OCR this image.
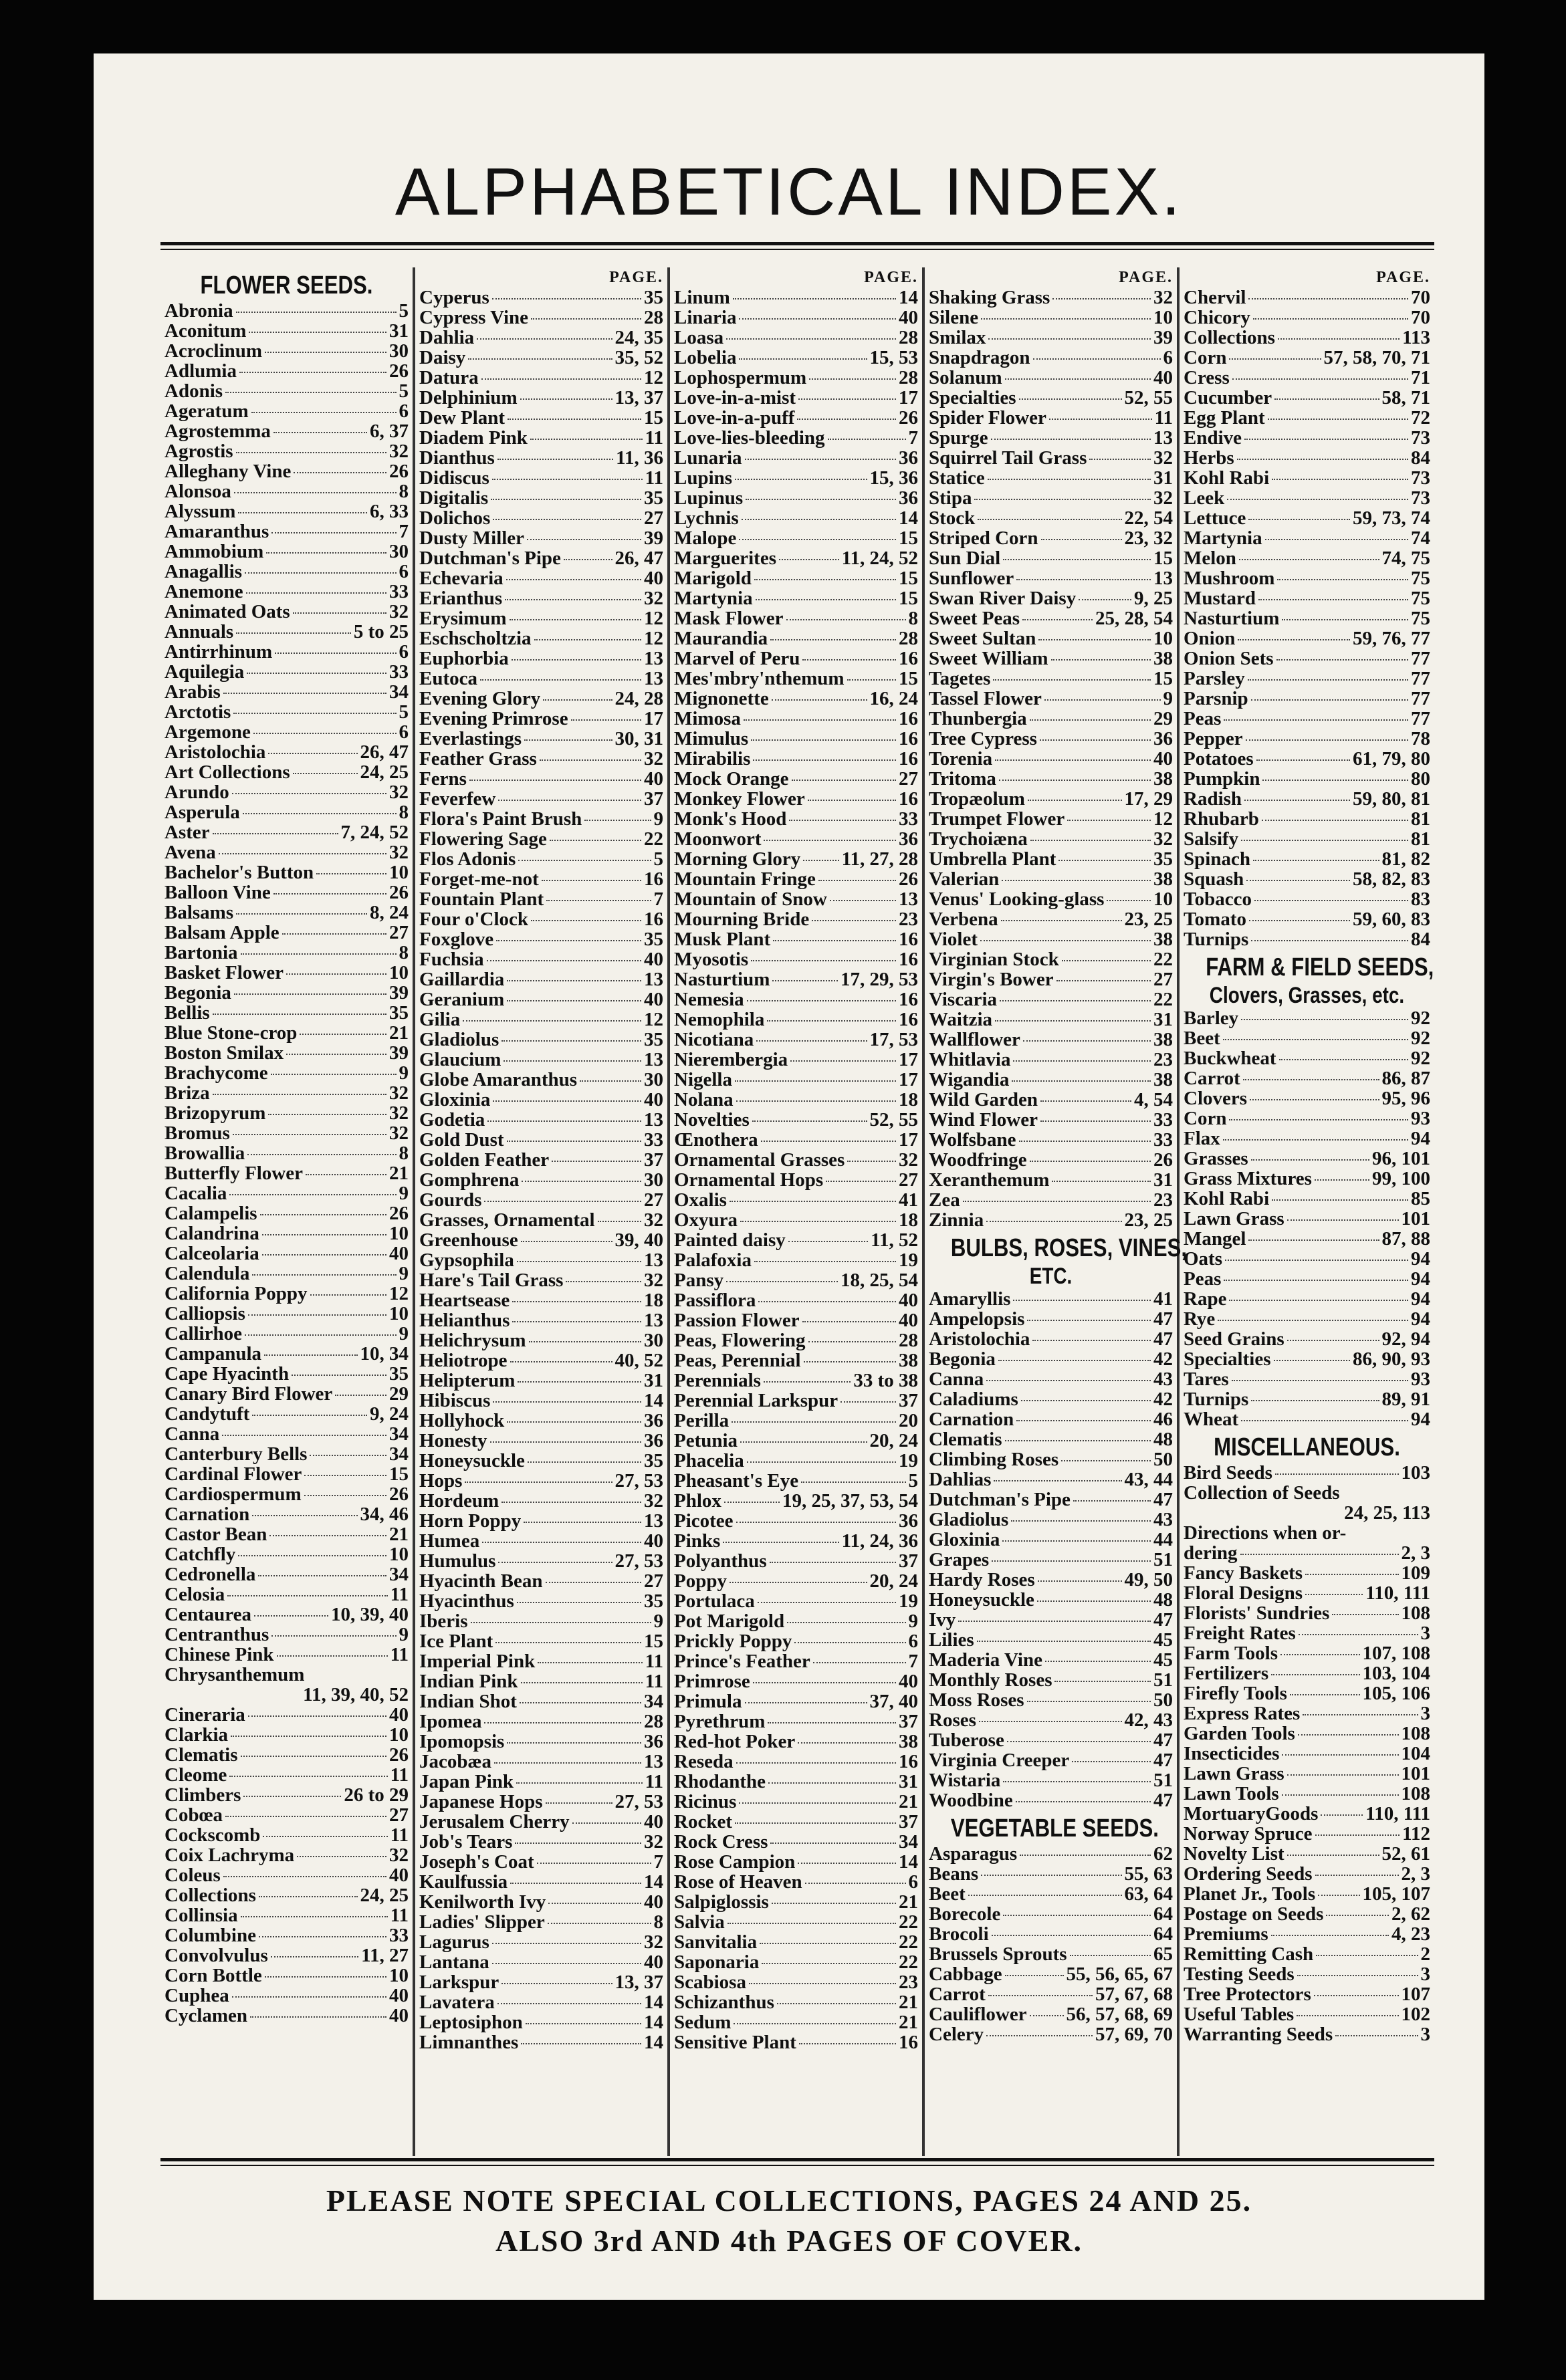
ALPHABETICAL INDEX.
FLOWER SEEDS.
Abronia	5
Aconitum	31
Acroclinum	30
Adlumia	26
Adonis	5
Ageratum	6
Agrostemma	6, 37
Agrostis	32
Alleghany Vine	26
Alonsoa	8
Alyssum	6, 33
Amaranthus	7
Ammobium	30
Anagallis	6
Anemone	33
Animated Oats	32
Annuals	5 to 25
Antirrhinum	6
Aquilegia	33
Arabis	34
Arctotis	5
Argemone	6
Aristolochia	26, 47
Art Collections	24, 25
Arundo	32
Asperula	8
Aster	7, 24, 52
Avena	32
Bachelor's Button	10
Balloon Vine	26
Balsams	8, 24
Balsam Apple	27
Bartonia	8
Basket Flower	10
Begonia	39
Bellis	35
Blue Stone-crop	21
Boston Smilax	39
Brachycome	9
Briza	32
Brizopyrum	32
Bromus	32
Browallia	8
Butterfly Flower	21
Cacalia	9
Calampelis	26
Calandrina	10
Calceolaria	40
Calendula	9
California Poppy	12
Calliopsis	10
Callirhoe	9
Campanula	10, 34
Cape Hyacinth	35
Canary Bird Flower	29
Candytuft	9, 24
Canna	34
Canterbury Bells	34
Cardinal Flower	15
Cardiospermum	26
Carnation	34, 46
Castor Bean	21
Catchfly	10
Cedronella	34
Celosia	11
Centaurea	10, 39, 40
Centranthus	9
Chinese Pink	11
Chrysanthemum
11, 39, 40, 52
Cineraria	40
Clarkia	10
Clematis	26
Cleome	11
Climbers	26 to 29
Cobœa	27
Cockscomb	11
Coix Lachryma	32
Coleus	40
Collections	24, 25
Collinsia	11
Columbine	33
Convolvulus	11, 27
Corn Bottle	10
Cuphea	40
Cyclamen	40
PAGE.
Cyperus	35
Cypress Vine	28
Dahlia	24, 35
Daisy	35, 52
Datura	12
Delphinium	13, 37
Dew Plant	15
Diadem Pink	11
Dianthus	11, 36
Didiscus	11
Digitalis	35
Dolichos	27
Dusty Miller	39
Dutchman's Pipe	26, 47
Echevaria	40
Erianthus	32
Erysimum	12
Eschscholtzia	12
Euphorbia	13
Eutoca	13
Evening Glory	24, 28
Evening Primrose	17
Everlastings	30, 31
Feather Grass	32
Ferns	40
Feverfew	37
Flora's Paint Brush	9
Flowering Sage	22
Flos Adonis	5
Forget-me-not	16
Fountain Plant	7
Four o'Clock	16
Foxglove	35
Fuchsia	40
Gaillardia	13
Geranium	40
Gilia	12
Gladiolus	35
Glaucium	13
Globe Amaranthus	30
Gloxinia	40
Godetia	13
Gold Dust	33
Golden Feather	37
Gomphrena	30
Gourds	27
Grasses, Ornamental	32
Greenhouse	39, 40
Gypsophila	13
Hare's Tail Grass	32
Heartsease	18
Helianthus	13
Helichrysum	30
Heliotrope	40, 52
Helipterum	31
Hibiscus	14
Hollyhock	36
Honesty	36
Honeysuckle	35
Hops	27, 53
Hordeum	32
Horn Poppy	13
Humea	40
Humulus	27, 53
Hyacinth Bean	27
Hyacinthus	35
Iberis	9
Ice Plant	15
Imperial Pink	11
Indian Pink	11
Indian Shot	34
Ipomea	28
Ipomopsis	36
Jacobæa	13
Japan Pink	11
Japanese Hops	27, 53
Jerusalem Cherry	40
Job's Tears	32
Joseph's Coat	7
Kaulfussia	14
Kenilworth Ivy	40
Ladies' Slipper	8
Lagurus	32
Lantana	40
Larkspur	13, 37
Lavatera	14
Leptosiphon	14
Limnanthes	14
PAGE.
Linum	14
Linaria	40
Loasa	28
Lobelia	15, 53
Lophospermum	28
Love-in-a-mist	17
Love-in-a-puff	26
Love-lies-bleeding	7
Lunaria	36
Lupins	15, 36
Lupinus	36
Lychnis	14
Malope	15
Marguerites	11, 24, 52
Marigold	15
Martynia	15
Mask Flower	8
Maurandia	28
Marvel of Peru	16
Mes'mbry'nthemum	15
Mignonette	16, 24
Mimosa	16
Mimulus	16
Mirabilis	16
Mock Orange	27
Monkey Flower	16
Monk's Hood	33
Moonwort	36
Morning Glory 11, 27, 28
Mountain Fringe	26
Mountain of Snow	13
Mourning Bride	23
Musk Plant	16
Myosotis	16
Nasturtium	17, 29, 53
Nemesia	16
Nemophila	16
Nicotiana	17, 53
Nierembergia	17
Nigella	17
Nolana	18
Novelties	52, 55
Œnothera	17
Ornamental Grasses	32
Ornamental Hops	27
Oxalis	41
Oxyura	18
Painted daisy	11, 52
Palafoxia	19
Pansy	18, 25, 54
Passiflora	40
Passion Flower	40
Peas, Flowering	28
Peas, Perennial	38
Perennials	33 to 38
Perennial Larkspur	37
Perilla	20
Petunia	20, 24
Phacelia	19
Pheasant's Eye	5
Phlox	19, 25, 37, 53, 54
Picotee	36
Pinks	11, 24, 36
Polyanthus	37
Poppy	20, 24
Portulaca	19
Pot Marigold	9
Prickly Poppy	6
Prince's Feather	7
Primrose	40
Primula	37, 40
Pyrethrum	37
Red-hot Poker	38
Reseda	16
Rhodanthe	31
Ricinus	21
Rocket	37
Rock Cress	34
Rose Campion	14
Rose of Heaven	6
Salpiglossis	21
Salvia	22
Sanvitalia	22
Saponaria	22
Scabiosa	23
Schizanthus	21
Sedum	21
Sensitive Plant	16
PAGE.
Shaking Grass	32
Silene	10
Smilax	39
Snapdragon	6
Solanum	40
Specialties	52, 55
Spider Flower	11
Spurge	13
Squirrel Tail Grass	32
Statice	31
Stipa	32
Stock	22, 54
Striped Corn	23, 32
Sun Dial	15
Sunflower	13
Swan River Daisy	9, 25
Sweet Peas	25, 28, 54
Sweet Sultan	10
Sweet William	38
Tagetes	15
Tassel Flower	9
Thunbergia	29
Tree Cypress	36
Torenia	40
Tritoma	38
Tropæolum	17, 29
Trumpet Flower	12
Trychoiæna	32
Umbrella Plant	35
Valerian	38
Venus' Looking-glass	10
Verbena	23, 25
Violet	38
Virginian Stock	22
Virgin's Bower	27
Viscaria	22
Waitzia	31
Wallflower	38
Whitlavia	23
Wigandia	38
Wild Garden	4, 54
Wind Flower	33
Wolfsbane	33
Woodfringe	26
Xeranthemum	31
Zea	23
Zinnia	23, 25
BULBS, ROSES, VINES,
ETC.
Amaryllis	41
Ampelopsis	47
Aristolochia	47
Begonia	42
Canna	43
Caladiums	42
Carnation	46
Clematis	48
Climbing Roses	50
Dahlias	43, 44
Dutchman's Pipe	47
Gladiolus	43
Gloxinia	44
Grapes	51
Hardy Roses	49, 50
Honeysuckle	48
Ivy	47
Lilies	45
Maderia Vine	45
Monthly Roses	51
Moss Roses	50
Roses	42, 43
Tuberose	47
Virginia Creeper	47
Wistaria	51
Woodbine	47
VEGETABLE SEEDS.
Asparagus	62
Beans	55, 63
Beet	63, 64
Borecole	64
Brocoli	64
Brussels Sprouts	65
Cabbage	55, 56, 65, 67
Carrot	57, 67, 68
Cauliflower 56, 57, 68, 69
Celery	57, 69, 70
PAGE.
Chervil	70
Chicory	70
Collections	113
Corn	57, 58, 70, 71
Cress	71
Cucumber	58, 71
Egg Plant	72
Endive	73
Herbs	84
Kohl Rabi	73
Leek	73
Lettuce	59, 73, 74
Martynia	74
Melon	74, 75
Mushroom	75
Mustard	75
Nasturtium	75
Onion	59, 76, 77
Onion Sets	77
Parsley	77
Parsnip	77
Peas	77
Pepper	78
Potatoes	61, 79, 80
Pumpkin	80
Radish	59, 80, 81
Rhubarb	81
Salsify	81
Spinach	81, 82
Squash	58, 82, 83
Tobacco	83
Tomato	59, 60, 83
Turnips	84
FARM & FIELD SEEDS,
Clovers, Grasses, etc.
Barley	92
Beet	92
Buckwheat	92
Carrot	86, 87
Clovers	95, 96
Corn	93
Flax	94
Grasses	96, 101
Grass Mixtures	99, 100
Kohl Rabi	85
Lawn Grass	101
Mangel	87, 88
Oats	94
Peas	94
Rape	94
Rye	94
Seed Grains	92, 94
Specialties	86, 90, 93
Tares	93
Turnips	89, 91
Wheat	94
MISCELLANEOUS.
Bird Seeds	103
Collection of Seeds
24, 25, 113
Directions when or-
dering	2, 3
Fancy Baskets	109
Floral Designs	110, 111
Florists' Sundries	108
Freight Rates	3
Farm Tools	107, 108
Fertilizers	103, 104
Firefly Tools	105, 106
Express Rates	3
Garden Tools	108
Insecticides	104
Lawn Grass	101
Lawn Tools	108
MortuaryGoods 110, 111
Norway Spruce	112
Novelty List	52, 61
Ordering Seeds	2, 3
Planet Jr., Tools 105, 107
Postage on Seeds	2, 62
Premiums	4, 23
Remitting Cash	2
Testing Seeds	3
Tree Protectors	107
Useful Tables	102
Warranting Seeds	3
PLEASE NOTE SPECIAL COLLECTIONS, PAGES 24 AND 25.
ALSO 3rd AND 4th PAGES OF COVER.
